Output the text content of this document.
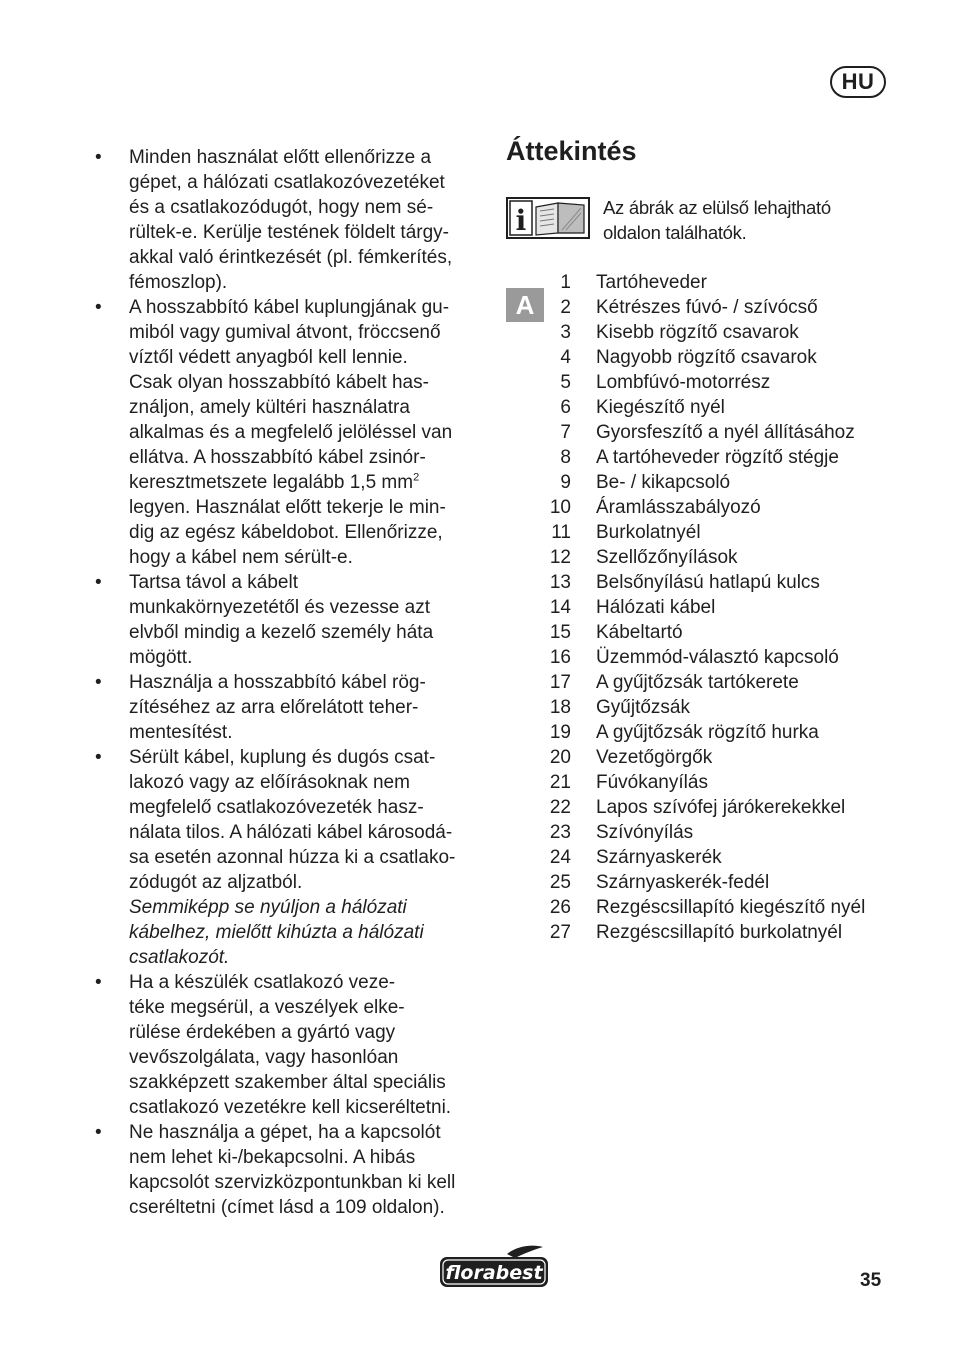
HU
• Minden használat előtt ellenőrizze a
gépet, a hálózati csatlakozóvezetéket
és a csatlakozódugót, hogy nem sé-
rültek-e. Kerülje testének földelt tárgy-
akkal való érintkezését (pl. fémkerítés,
fémoszlop).
• A hosszabbító kábel kuplungjának gu-
miból vagy gumival átvont, fröccsenő
víztől védett anyagból kell lennie.
Csak olyan hosszabbító kábelt has-
ználjon, amely kültéri használatra
alkalmas és a megfelelő jelöléssel van
ellátva. A hosszabbító kábel zsinór-
keresztmetszete legalább 1,5 $mm^2$
legyen. Használat előtt tekerje le min-
dig az egész kábeldobot. Ellenőrizze,
hogy a kábel nem sérült-e.
• Tartsa távol a kábelt
munkakörnyezetétől és vezesse azt
elvből mindig a kezelő személy háta
mögött.
• Használja a hosszabbító kábel rög-
zítéséhez az arra előrelátott teher-
mentesítést.
• Sérült kábel, kuplung és dugós csat-
lakozó vagy az előírásoknak nem
megfelelő csatlakozóvezeték hasz-
nálata tilos. A hálózati kábel károsodá-
sa esetén azonnal húzza ki a csatlako-
zódugót az aljzatból.
Semmiképp se nyúljon a hálózati
kábelhez, mielőtt kihúzta a hálózati
csatlakozót.
• Ha a készülék csatlakozó veze-
téke megsérül, a veszélyek elke-
rülése érdekében a gyártó vagy
vevőszolgálata, vagy hasonlóan
szakképzett szakember által speciális
csatlakozó vezetékre kell kicseréltetni.
• Ne használja a gépet, ha a kapcsolót
nem lehet ki-/bekapcsolni. A hibás
kapcsolót szervizközpontunkban ki kell
cseréltetni (címet lásd a 109 oldalon).
Áttekintés
i	Az ábrák az elülső lehajtható
oldalon találhatók.
A
1 Tartóheveder
2 Kétrészes fúvó- / szívócső
3 Kisebb rögzítő csavarok
4 Nagyobb rögzítő csavarok
5 Lombfúvó-motorrész
6 Kiegészítő nyél
7 Gyorsfeszítő a nyél állításához
8 A tartóheveder rögzítő stégje
9 Be- / kikapcsoló
10 Áramlásszabályozó
11 Burkolatnyél
12 Szellőzőnyílások
13 Belsőnyílású hatlapú kulcs
14 Hálózati kábel
15 Kábeltartó
16 Üzemmód-választó kapcsoló
17 A gyűjtőzsák tartókerete
18 Gyűjtőzsák
19 A gyűjtőzsák rögzítő hurka
20 Vezetőgörgők
21 Fúvókanyílás
22 Lapos szívófej járókerekekkel
23 Szívónyílás
24 Szárnyaskerék
25 Szárnyaskerék-fedél
26 Rezgéscsillapító kiegészítő nyél
27 Rezgéscsillapító burkolatnyél
florabest	35
